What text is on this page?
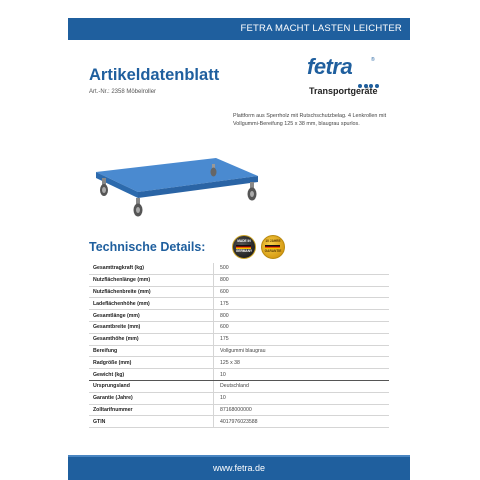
FETRA MACHT LASTEN LEICHTER
Artikeldatenblatt
Art.-Nr.: 2358 Möbelroller
fetra	®
Transportgeräte
Plattform aus Sperrholz mit Rutschschutzbelag. 4 Lenkrollen mit Vollgummi-Bereifung 125 x 38 mm, blaugrau spurlos.
Technische Details:	MADE IN
GERMANY
10 JAHRE
GARANTIE
Gesamttragkraft (kg)	500
Nutzflächenlänge (mm)	800
Nutzflächenbreite (mm)	600
Ladeflächenhöhe (mm)	175
Gesamtlänge (mm)	800
Gesamtbreite (mm)	600
Gesamthöhe (mm)	175
Bereifung	Vollgummi blaugrau
Radgröße (mm)	125 x 38
Gewicht (kg)	10
Ursprungsland	Deutschland
Garantie (Jahre)	10
Zolltarifnummer	87168000000
GTIN	4017976023588
www.fetra.de
